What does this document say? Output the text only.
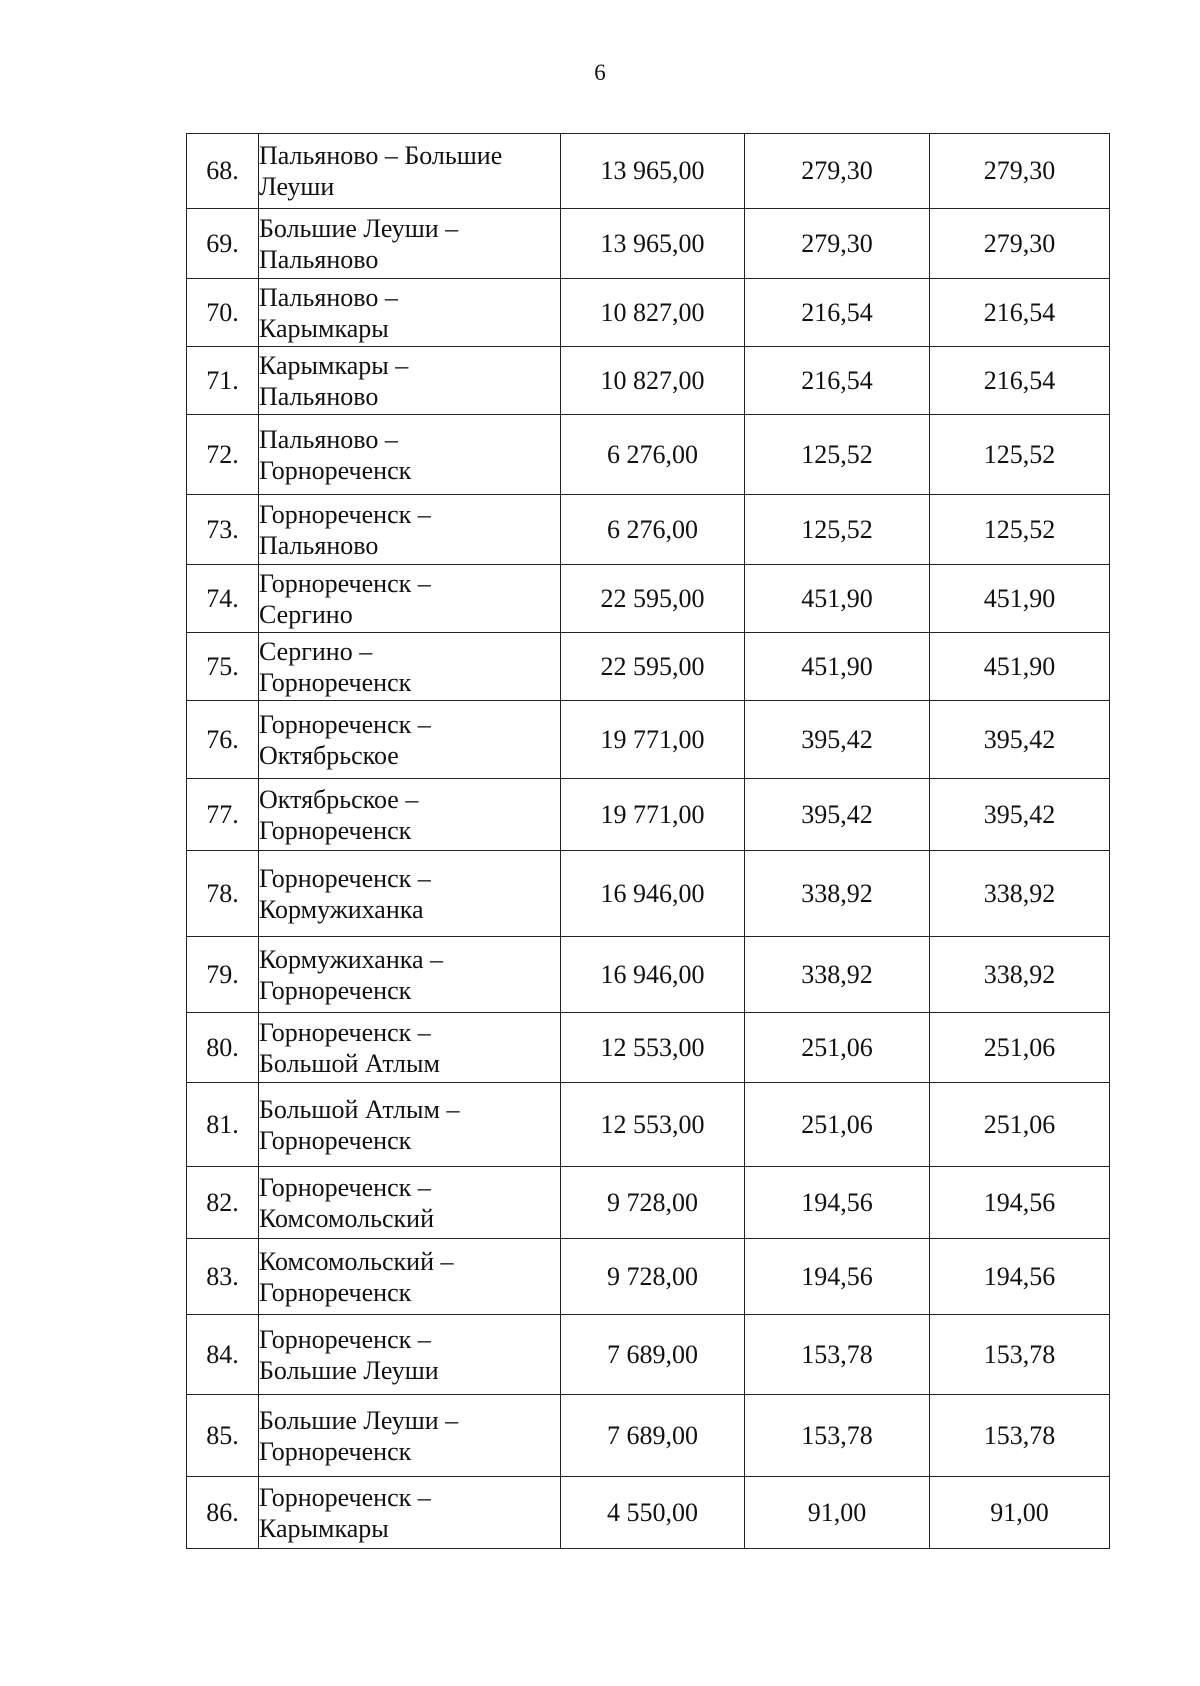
6
68.	Пальяново – Большие
Леуши	13 965,00	279,30	279,30
69.	Большие Леуши –
Пальяново	13 965,00	279,30	279,30
70.	Пальяново –
Карымкары	10 827,00	216,54	216,54
71.	Карымкары –
Пальяново	10 827,00	216,54	216,54
72.	Пальяново –
Горнореченск	6 276,00	125,52	125,52
73.	Горнореченск –
Пальяново	6 276,00	125,52	125,52
74.	Горнореченск –
Сергино	22 595,00	451,90	451,90
75.	Сергино –
Горнореченск	22 595,00	451,90	451,90
76.	Горнореченск –
Октябрьское	19 771,00	395,42	395,42
77.	Октябрьское –
Горнореченск	19 771,00	395,42	395,42
78.	Горнореченск –
Кормужиханка	16 946,00	338,92	338,92
79.	Кормужиханка –
Горнореченск	16 946,00	338,92	338,92
80.	Горнореченск –
Большой Атлым	12 553,00	251,06	251,06
81.	Большой Атлым –
Горнореченск	12 553,00	251,06	251,06
82.	Горнореченск –
Комсомольский	9 728,00	194,56	194,56
83.	Комсомольский –
Горнореченск	9 728,00	194,56	194,56
84.	Горнореченск –
Большие Леуши	7 689,00	153,78	153,78
85.	Большие Леуши –
Горнореченск	7 689,00	153,78	153,78
86.	Горнореченск –
Карымкары	4 550,00	91,00	91,00
